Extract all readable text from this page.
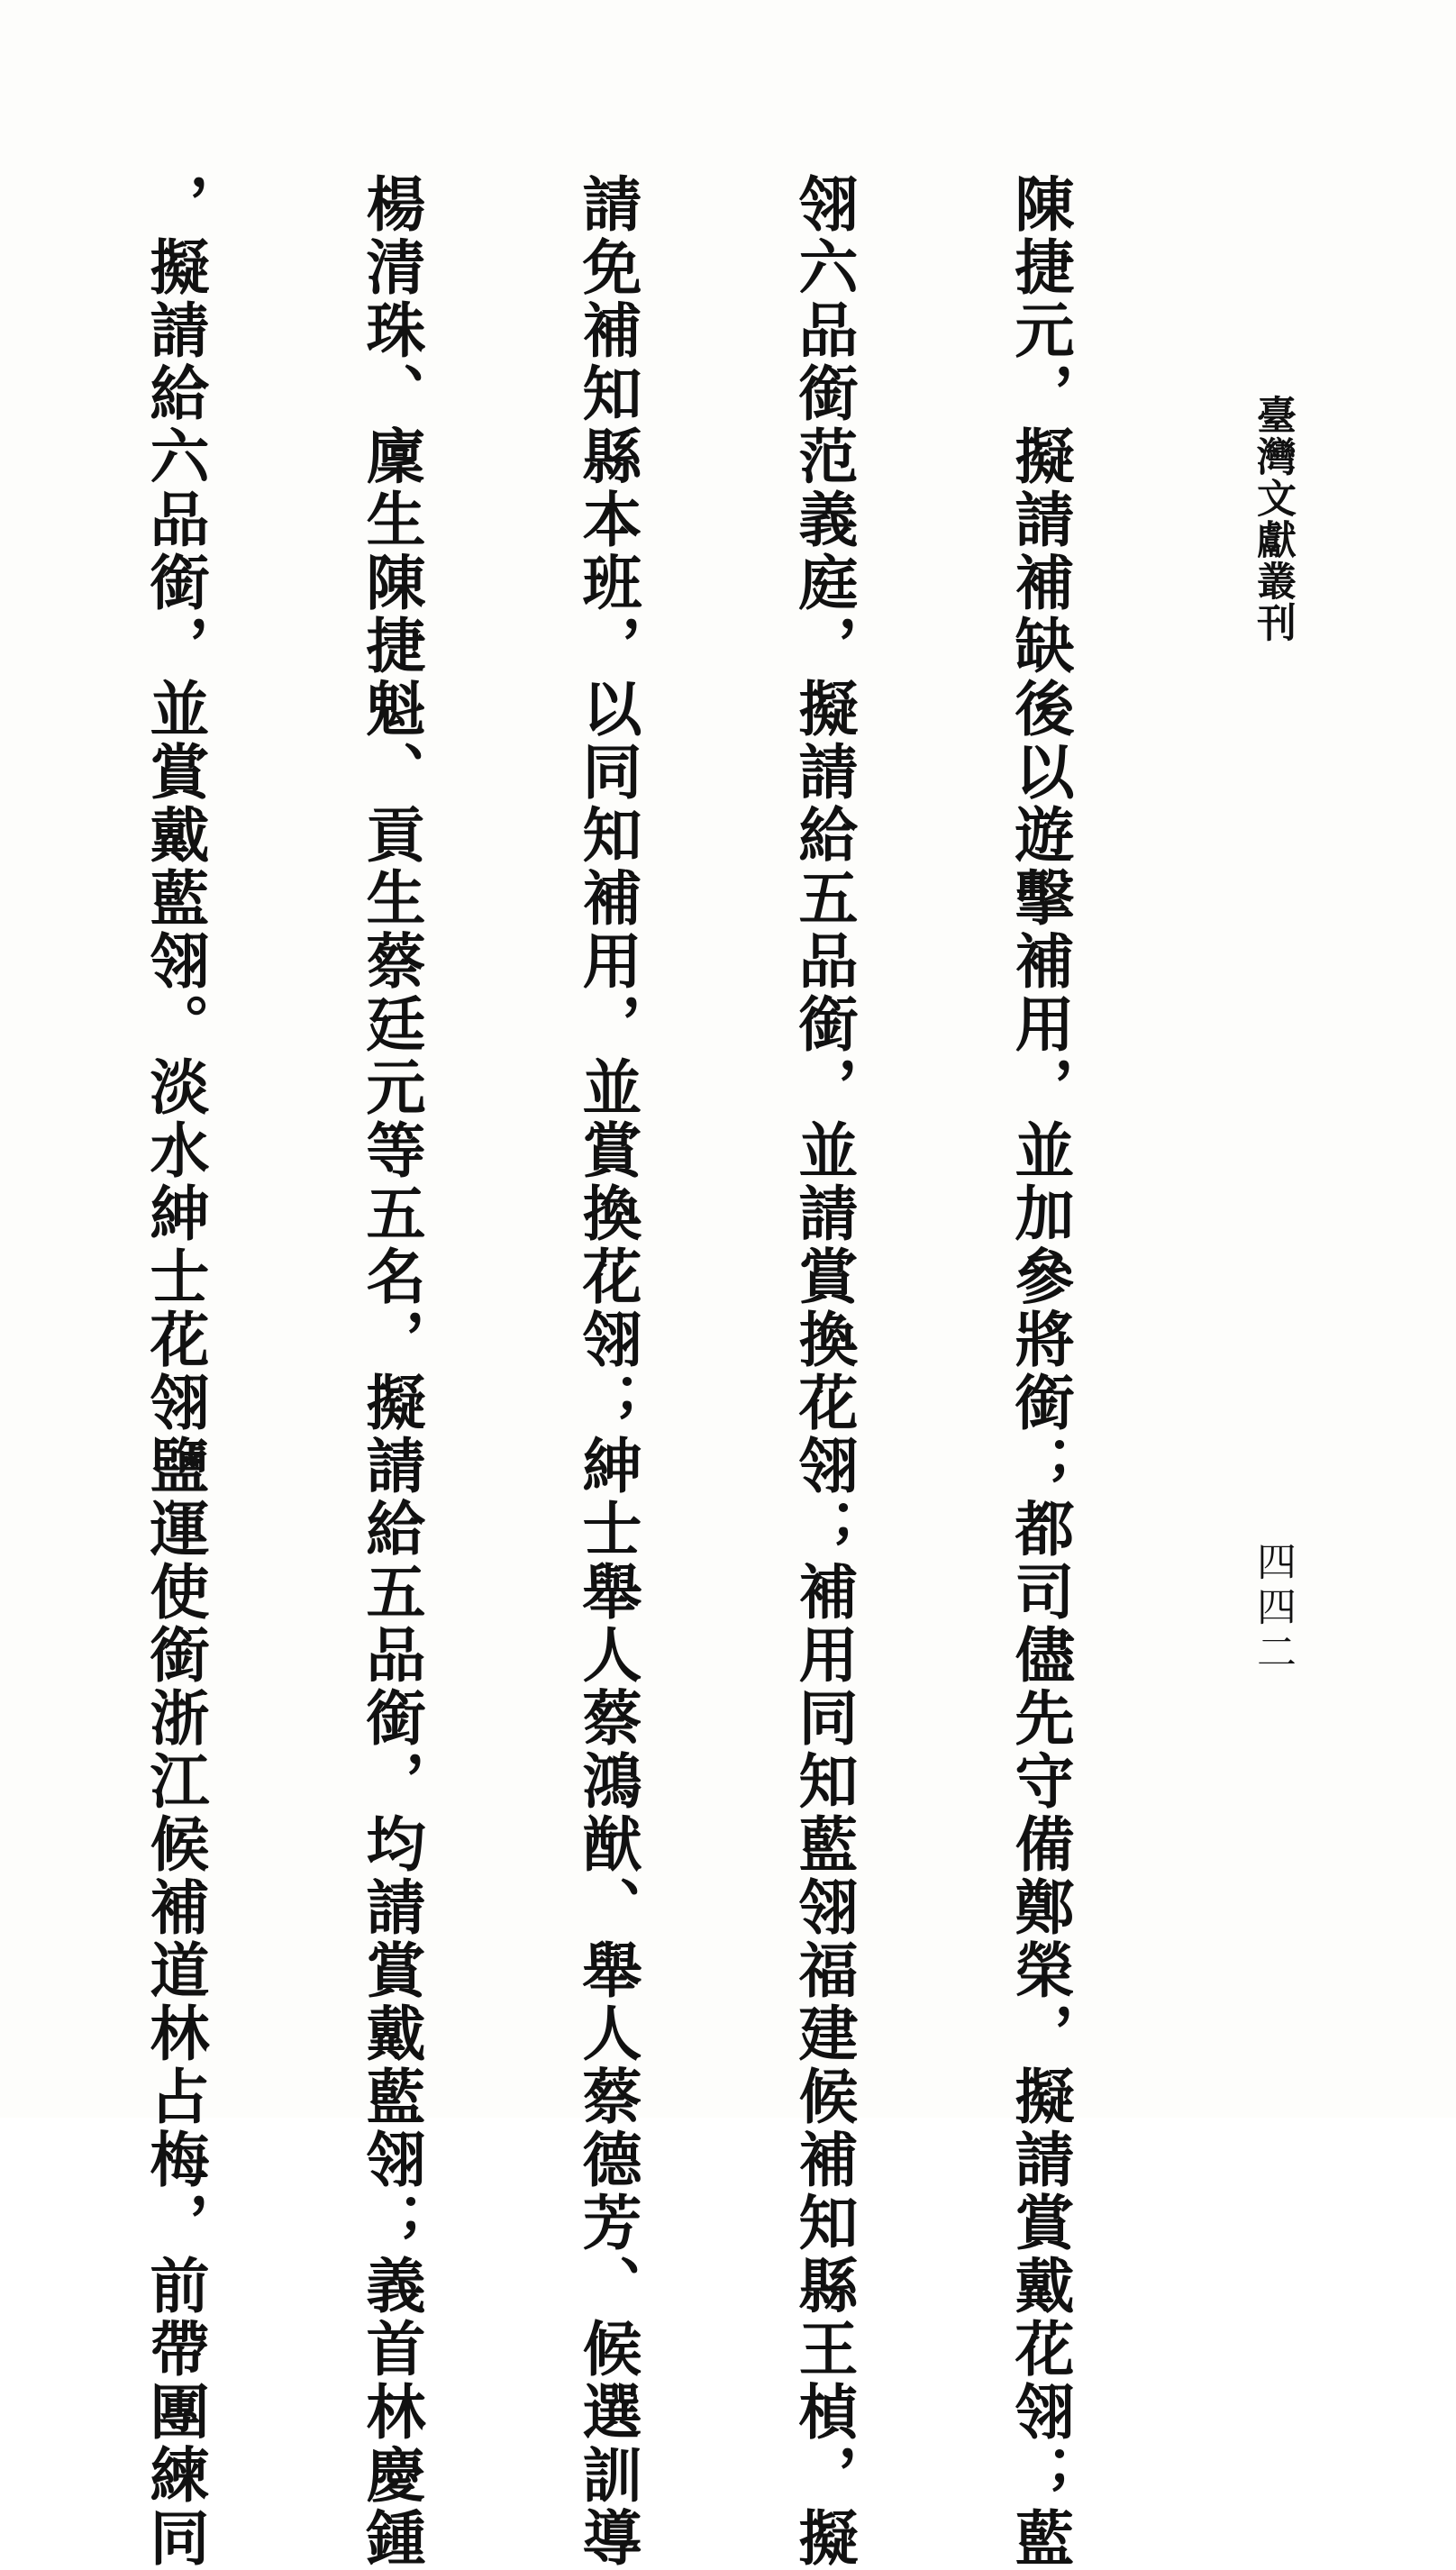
臺灣文獻叢刊
四四二

陳捷元，擬請補缺後以遊擊補用，並加參將銜；都司儘先守備鄭榮，擬請賞戴花翎；藍

翎六品銜范義庭，擬請給五品銜，並請賞換花翎；補用同知藍翎福建候補知縣王楨，擬

請免補知縣本班，以同知補用，並賞換花翎；紳士舉人蔡鴻猷、舉人蔡德芳、候選訓導

楊清珠、廩生陳捷魁、貢生蔡廷元等五名，擬請給五品銜，均請賞戴藍翎；義首林慶鍾

，擬請給六品銜，並賞戴藍翎。淡水紳士花翎鹽運使銜浙江候補道林占梅，前帶團練同
